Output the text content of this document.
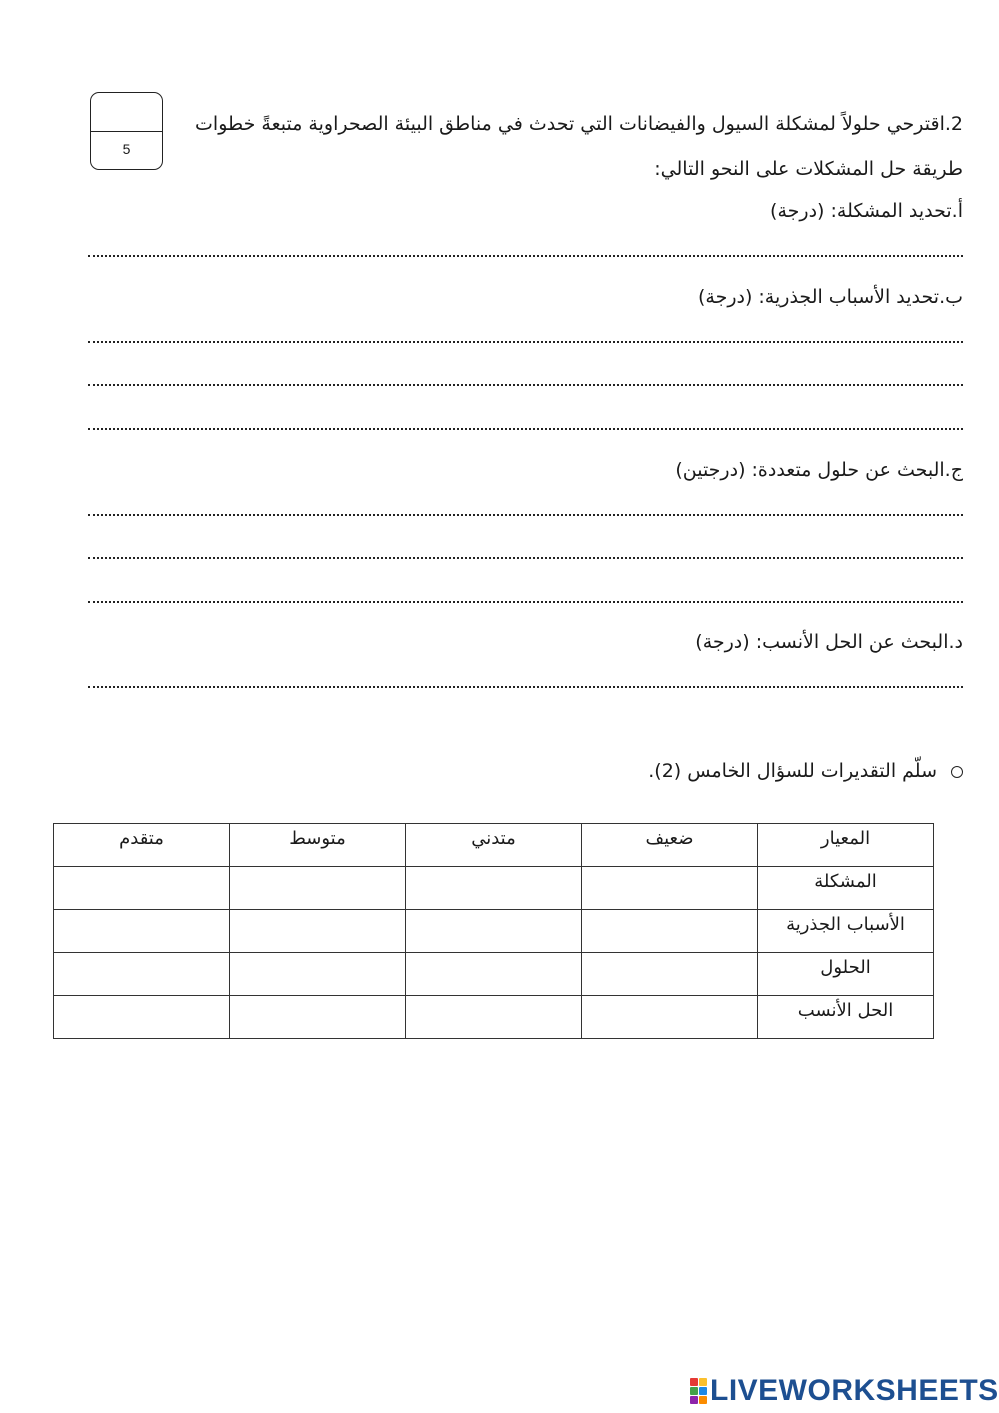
5
2.اقترحي حلولاً لمشكلة السيول والفيضانات التي تحدث في مناطق البيئة الصحراوية متبعةً خطوات
طريقة حل المشكلات على النحو التالي:
أ.تحديد المشكلة: (درجة)
ب.تحديد الأسباب الجذرية: (درجة)
ج.البحث عن حلول متعددة: (درجتين)
د.البحث عن الحل الأنسب: (درجة)
سلّم التقديرات للسؤال الخامس (2).
المعيار	ضعيف	متدني	متوسط	متقدم
المشكلة				
الأسباب الجذرية				
الحلول				
الحل الأنسب				
LIVEWORKSHEETS
